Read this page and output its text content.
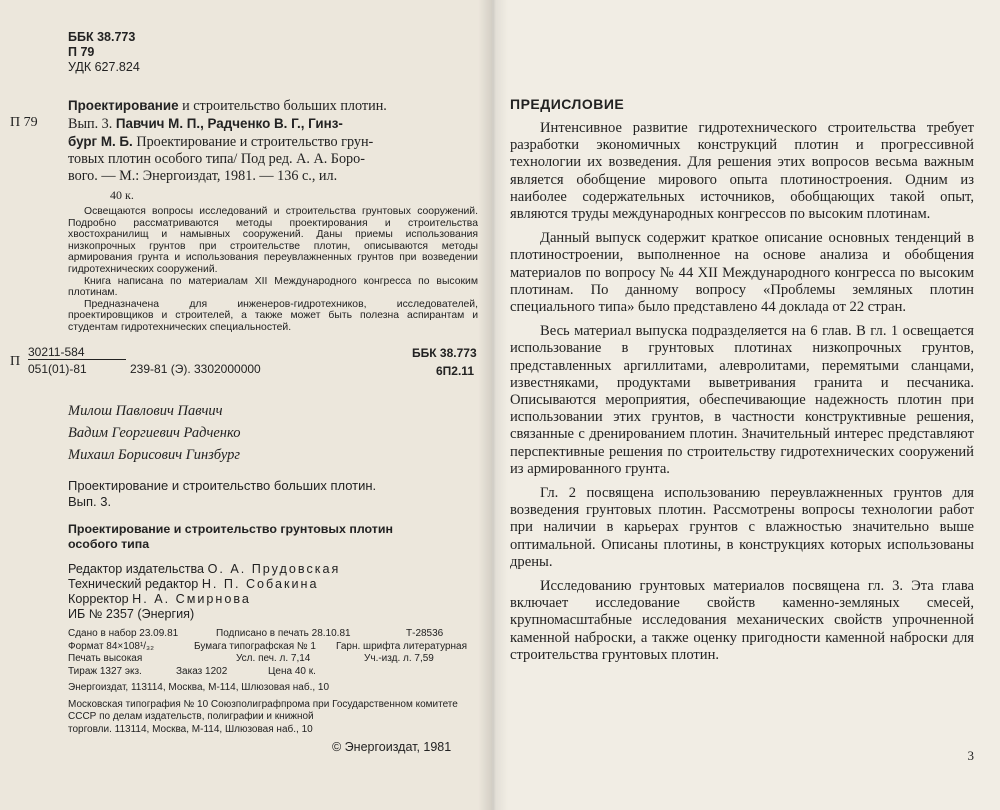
ББК 38.773
П 79
УДК 627.824
П 79
Проектирование и строительство больших плотин.
Вып. 3. Павчич М. П., Радченко В. Г., Гинз-
бург М. Б. Проектирование и строительство грун-
товых плотин особого типа/ Под ред. А. А. Боро-
вого. — М.: Энергоиздат, 1981. — 136 с., ил.
40 к.

Освещаются вопросы исследований и строительства грунтовых сооружений. Подробно рассматриваются методы проектирования и строительства хвостохранилищ и намывных сооружений. Даны приемы использования низкопрочных грунтов при строительстве плотин, описываются методы армирования грунта и использования переувлажненных грунтов при возведении гидротехнических сооружений.

Книга написана по материалам XII Международного конгресса по высоким плотинам.

Предназначена для инженеров-гидротехников, исследователей, проектировщиков и строителей, а также может быть полезна аспирантам и студентам гидротехнических специальностей.

П
30211-584
051(01)-81	239-81 (Э). 3302000000
ББК 38.773
6П2.11
Милош Павлович Павчич
Вадим Георгиевич Радченко
Михаил Борисович Гинзбург
Проектирование и строительство больших плотин.
Вып. 3.
Проектирование и строительство грунтовых плотин
особого типа
Редактор издательства О. А. Прудовская
Технический редактор Н. П. Собакина
Корректор Н. А. Смирнова
ИБ № 2357 (Энергия)
Сдано в набор 23.09.81	Подписано в печать 28.10.81	Т-28536
Формат 84×108¹/₃₂	Бумага типографская № 1 Гарн. шрифта литературная
Печать высокая	Усл. печ. л. 7,14	Уч.-изд. л. 7,59
Тираж 1327 экз.	Заказ 1202	Цена 40 к.
Энергоиздат, 113114, Москва, М-114, Шлюзовая наб., 10
Московская типография № 10 Союзполиграфпрома при Государственном комитете СССР по делам издательств, полиграфии и книжной
торговли. 113114, Москва, М-114, Шлюзовая наб., 10
© Энергоиздат, 1981
ПРЕДИСЛОВИЕ

Интенсивное развитие гидротехнического строительства требует разработки экономичных конструкций плотин и прогрессивной технологии их возведения. Для решения этих вопросов весьма важным является обобщение мирового опыта плотиностроения. Одним из наиболее содержательных источников, обобщающих такой опыт, являются труды международных конгрессов по высоким плотинам.

Данный выпуск содержит краткое описание основных тенденций в плотиностроении, выполненное на основе анализа и обобщения материалов по вопросу № 44 XII Международного конгресса по высоким плотинам. По данному вопросу «Проблемы земляных плотин специального типа» было представлено 44 доклада от 22 стран.

Весь материал выпуска подразделяется на 6 глав. В гл. 1 освещается использование в грунтовых плотинах низкопрочных грунтов, представленных аргиллитами, алевролитами, перемятыми сланцами, известняками, продуктами выветривания гранита и песчаника. Описываются мероприятия, обеспечивающие надежность плотин при использовании этих грунтов, в частности конструктивные решения, связанные с дренированием плотин. Значительный интерес представляют перспективные решения по строительству гидротехнических сооружений из армированного грунта.

Гл. 2 посвящена использованию переувлажненных грунтов для возведения грунтовых плотин. Рассмотрены вопросы технологии работ при наличии в карьерах грунтов с влажностью значительно выше оптимальной. Описаны плотины, в конструкциях которых использованы дрены.

Исследованию грунтовых материалов посвящена гл. 3. Эта глава включает исследование свойств каменно-земляных смесей, крупномасштабные исследования механических свойств упрочненной каменной наброски, а также оценку пригодности каменной наброски для строительства грунтовых плотин.

3
